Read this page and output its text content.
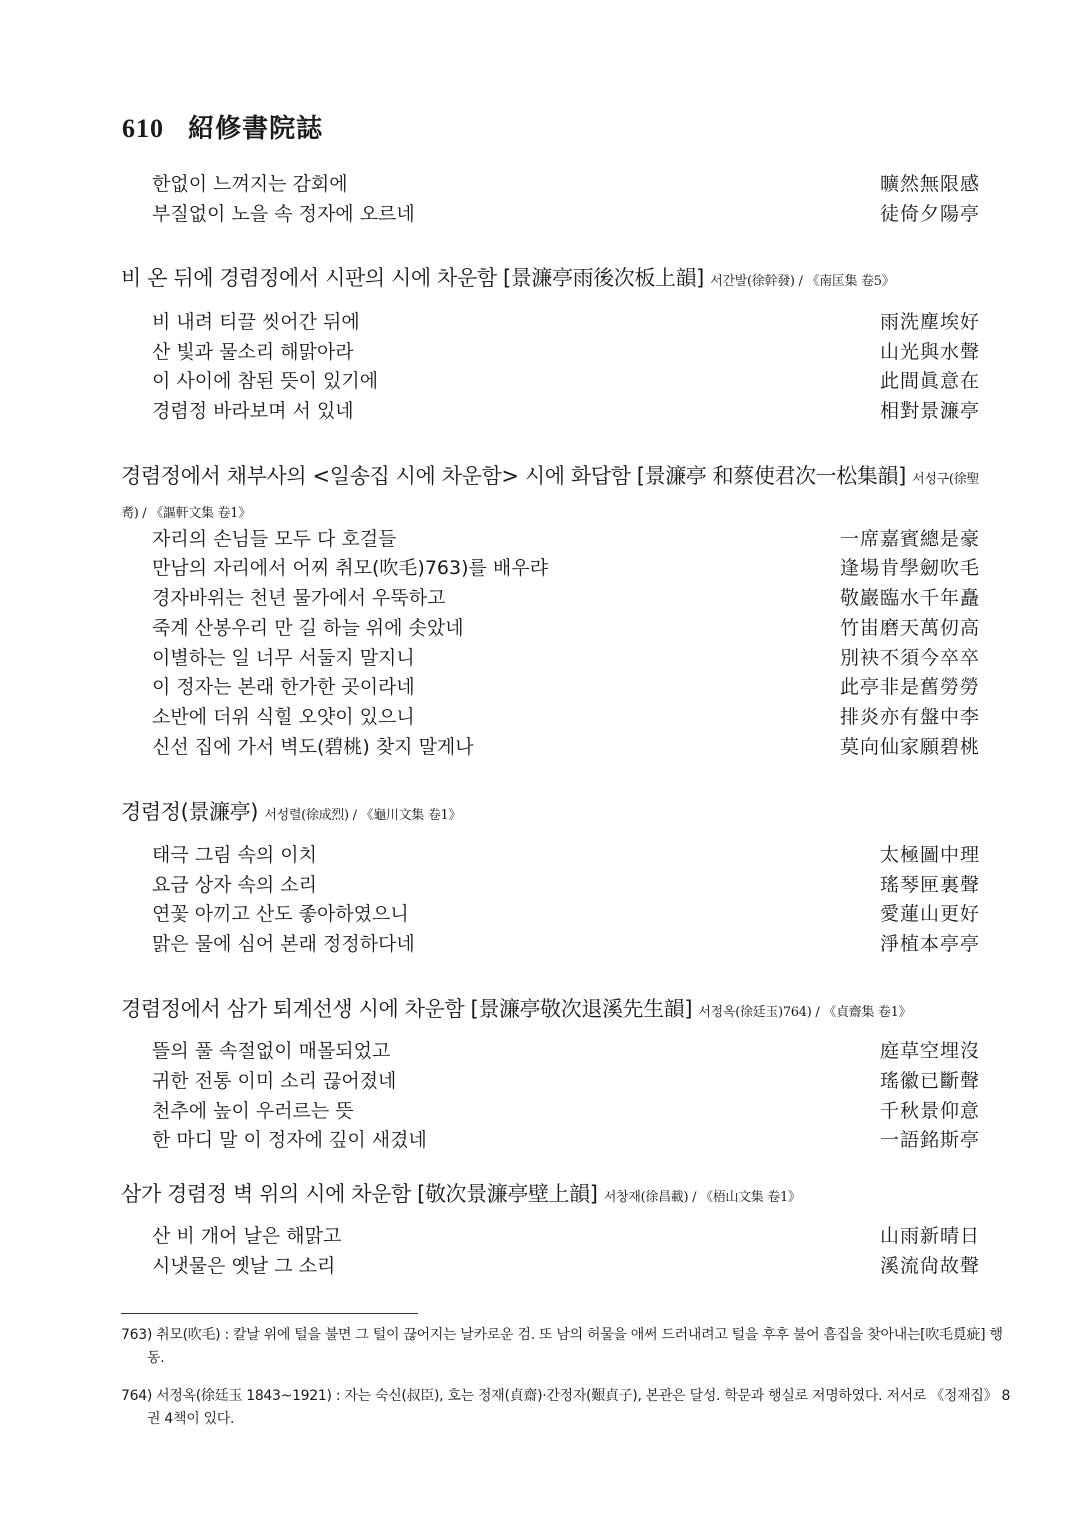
610 紹修書院誌
한없이 느껴지는 감회에	曠然無限感
부질없이 노을 속 정자에 오르네	徒倚夕陽亭
비 온 뒤에 경렴정에서 시판의 시에 차운함 [景濂亭雨後次板上韻] 서간발(徐幹發) / 《南匡集 卷5》
비 내려 티끌 씻어간 뒤에	雨洗塵埃好
산 빛과 물소리 해맑아라	山光與水聲
이 사이에 참된 뜻이 있기에	此間眞意在
경렴정 바라보며 서 있네	相對景濂亭
경렴정에서 채부사의 <일송집 시에 차운함> 시에 화답함 [景濂亭 和蔡使君次一松集韻] 서성구(徐聖耉) / 《謳軒文集 卷1》
자리의 손님들 모두 다 호걸들	一席嘉賓總是豪
만남의 자리에서 어찌 취모(吹毛)763)를 배우랴	逢場肯學劒吹毛
경자바위는 천년 물가에서 우뚝하고	敬巖臨水千年矗
죽계 산봉우리 만 길 하늘 위에 솟았네	竹峀磨天萬仞高
이별하는 일 너무 서둘지 말지니	別袂不須今卒卒
이 정자는 본래 한가한 곳이라네	此亭非是舊勞勞
소반에 더위 식힐 오얏이 있으니	排炎亦有盤中李
신선 집에 가서 벽도(碧桃) 찾지 말게나	莫向仙家願碧桃
경렴정(景濂亭) 서성렬(徐成烈) / 《龜川文集 卷1》
태극 그림 속의 이치	太極圖中理
요금 상자 속의 소리	瑤琴匣裏聲
연꽃 아끼고 산도 좋아하였으니	愛蓮山更好
맑은 물에 심어 본래 정정하다네	淨植本亭亭
경렴정에서 삼가 퇴계선생 시에 차운함 [景濂亭敬次退溪先生韻] 서정옥(徐廷玉)764) / 《貞齋集 卷1》
뜰의 풀 속절없이 매몰되었고	庭草空埋沒
귀한 전통 이미 소리 끊어졌네	瑤徽已斷聲
천추에 높이 우러르는 뜻	千秋景仰意
한 마디 말 이 정자에 깊이 새겼네	一語銘斯亭
삼가 경렴정 벽 위의 시에 차운함 [敬次景濂亭壁上韻] 서창재(徐昌載) / 《梧山文集 卷1》
산 비 개어 날은 해맑고	山雨新晴日
시냇물은 옛날 그 소리	溪流尙故聲
763) 취모(吹毛) : 칼날 위에 털을 불면 그 털이 끊어지는 날카로운 검. 또 남의 허물을 애써 드러내려고 털을 후후 불어 흠집을 찾아내는[吹毛覓疵] 행동.
764) 서정옥(徐廷玉 1843~1921) : 자는 숙신(叔臣), 호는 정재(貞齋)·간정자(艱貞子), 본관은 달성. 학문과 행실로 저명하였다. 저서로 《정재집》 8권 4책이 있다.
